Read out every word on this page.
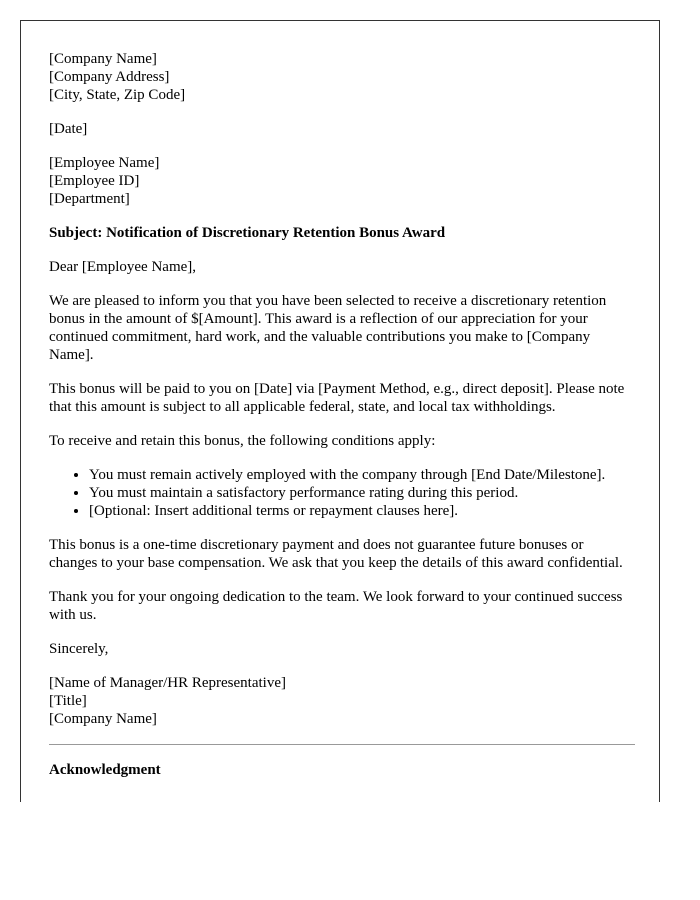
[Company Name]
[Company Address]
[City, State, Zip Code]
[Date]
[Employee Name]
[Employee ID]
[Department]

Subject: Notification of Discretionary Retention Bonus Award

Dear [Employee Name],

We are pleased to inform you that you have been selected to receive a discretionary retention bonus in the amount of $[Amount]. This award is a reflection of our appreciation for your continued commitment, hard work, and the valuable contributions you make to [Company Name].

This bonus will be paid to you on [Date] via [Payment Method, e.g., direct deposit]. Please note that this amount is subject to all applicable federal, state, and local tax withholdings.

To receive and retain this bonus, the following conditions apply:

• You must remain actively employed with the company through [End Date/Milestone].
• You must maintain a satisfactory performance rating during this period.
• [Optional: Insert additional terms or repayment clauses here].

This bonus is a one-time discretionary payment and does not guarantee future bonuses or changes to your base compensation. We ask that you keep the details of this award confidential.

Thank you for your ongoing dedication to the team. We look forward to your continued success with us.

Sincerely,

[Name of Manager/HR Representative]
[Title]
[Company Name]

Acknowledgment
